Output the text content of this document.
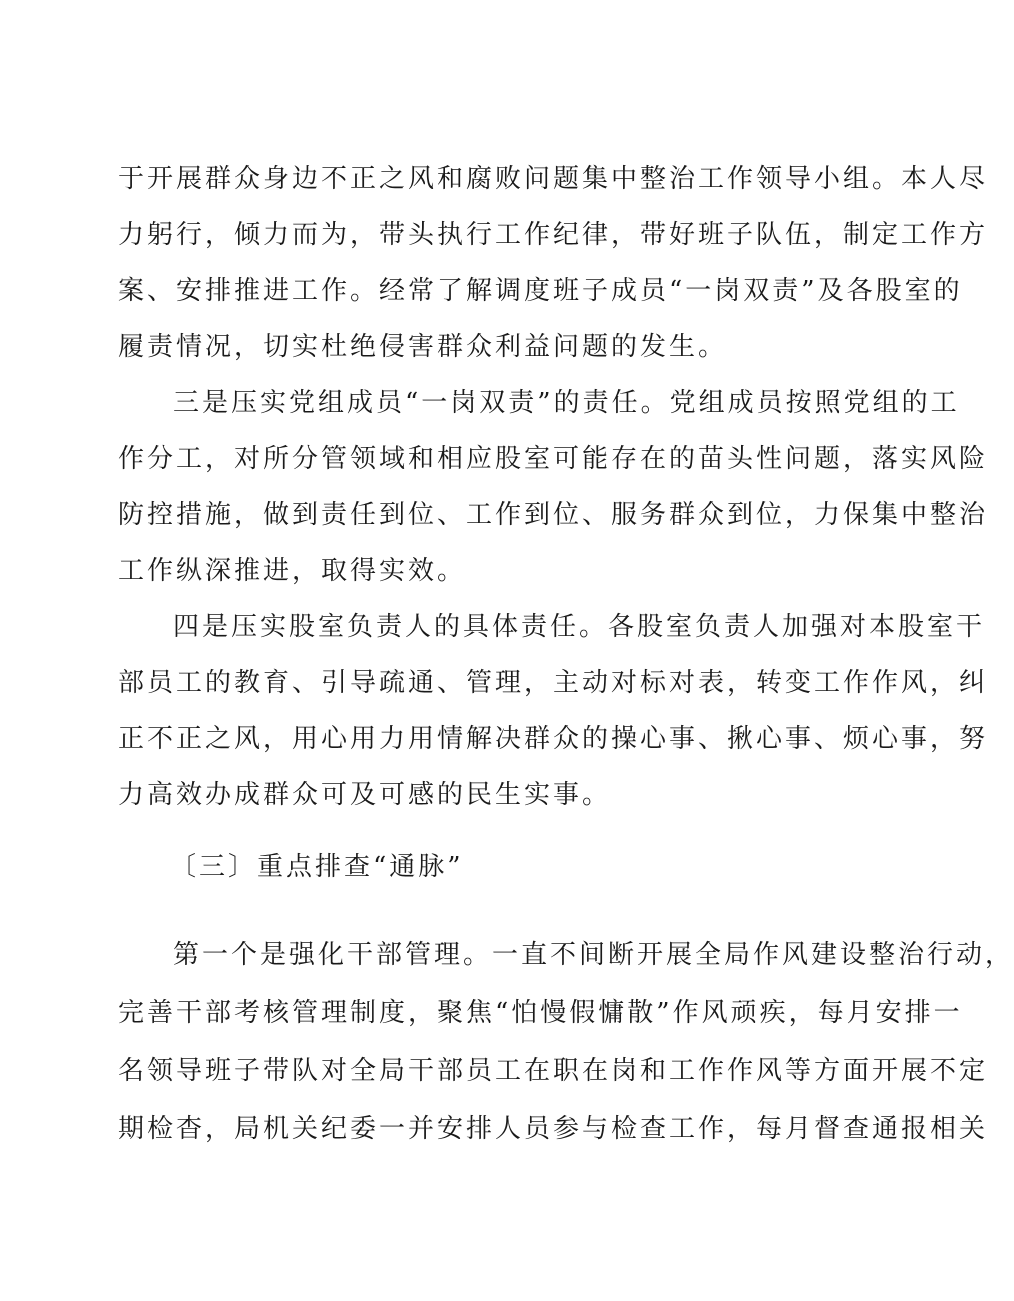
于开展群众身边不正之风和腐败问题集中整治工作领导小组。本人尽
力躬行，倾力而为，带头执行工作纪律，带好班子队伍，制定工作方
案、安排推进工作。经常了解调度班子成员“一岗双责”及各股室的
履责情况，切实杜绝侵害群众利益问题的发生。
三是压实党组成员“一岗双责”的责任。党组成员按照党组的工
作分工，对所分管领域和相应股室可能存在的苗头性问题，落实风险
防控措施，做到责任到位、工作到位、服务群众到位，力保集中整治
工作纵深推进，取得实效。
四是压实股室负责人的具体责任。各股室负责人加强对本股室干
部员工的教育、引导疏通、管理，主动对标对表，转变工作作风，纠
正不正之风，用心用力用情解决群众的操心事、揪心事、烦心事，努
力高效办成群众可及可感的民生实事。
〔三〕重点排查“通脉”
第一个是强化干部管理。一直不间断开展全局作风建设整治行动，
完善干部考核管理制度，聚焦“怕慢假慵散”作风顽疾，每月安排一
名领导班子带队对全局干部员工在职在岗和工作作风等方面开展不定
期检杳，局机关纪委一并安排人员参与检查工作，每月督查通报相关
